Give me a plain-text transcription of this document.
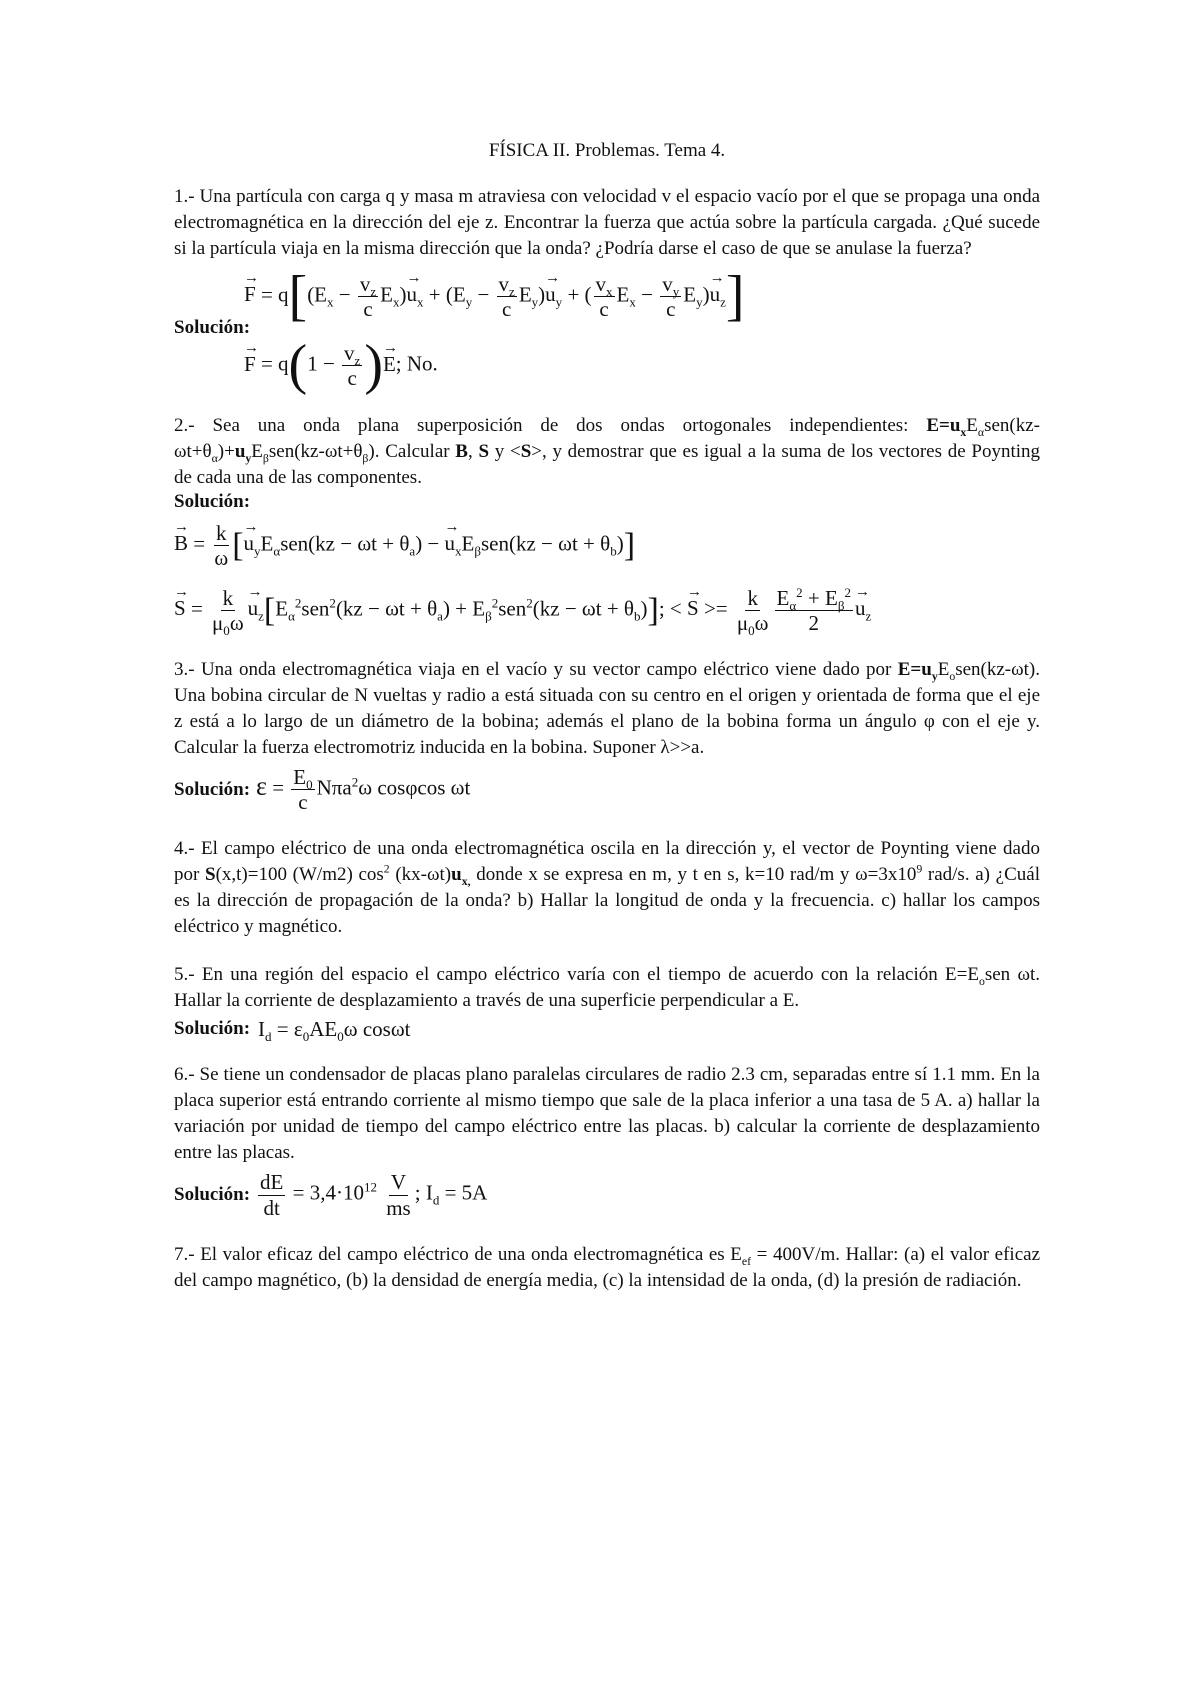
FÍSICA II. Problemas. Tema 4.
1.- Una partícula con carga q y masa m atraviesa con velocidad v el espacio vacío por el que se propaga una onda electromagnética en la dirección del eje z. Encontrar la fuerza que actúa sobre la partícula cargada. ¿Qué sucede si la partícula viaja en la misma dirección que la onda? ¿Podría darse el caso de que se anulase la fuerza?
→ $F = q[(E_x - \frac{v_z}{c} E_x)\to u_x + (E_y - \frac{v_z}{c} E_y)\to u_y$ + ( $\frac{v_x}{c} E_x - \frac{v_y}{c} E_y)\to u_z$]
Solución:
→ $F = q(1 - \frac{v_z}{c}$ )→ E; No.
2.- Sea una onda plana superposición de dos ondas ortogonales independientes: $E=u_xE_\alpha sen(kz-\omega t+\theta_\alpha)+u_yE_\beta sen(kz-\omega t+\theta_\beta)$. Calcular B, S y <S>, y demostrar que es igual a la suma de los vectores de Poynting de cada una de las componentes.
Solución:
→ $B = \frac{k}{\omega}$ [→ $u_yE_\alpha sen(kz - \omega t + \theta_a)$ − → $u_xE_\beta sen(kz - \omega t + \theta_b)$]
→ $S = \frac{k}{\mu_0\omega}$
→ $u_z[E_\alpha^2sen^2(kz - \omega t + \theta_a) + E_\beta^2sen^2(kz - \omega t + \theta_b)]$; < → $S >= \frac{k}{\mu_0\omega} \frac{E_\alpha^2 + E_\beta^2}{2}$
→ $u_z$
3.- Una onda electromagnética viaja en el vacío y su vector campo eléctrico viene dado por $E=u_yE_osen(kz-\omega t)$. Una bobina circular de N vueltas y radio a está situada con su centro en el origen y orientada de forma que el eje z está a lo largo de un diámetro de la bobina; además el plano de la bobina forma un ángulo φ con el eje y. Calcular la fuerza electromotriz inducida en la bobina. Suponer λ>>a.
Solución: $\varepsilon = \frac{E_0}{c} N\pi a^2\omega$ cosφcos ωt
4.- El campo eléctrico de una onda electromagnética oscila en la dirección y, el vector de Poynting viene dado por S(x,t)=100 (W/m2) $\cos^2 (kx-\omega t)u_{x,}$ donde x se expresa en m, y t en s, k=10 rad/m y $\omega=3x10^9$ rad/s. a) ¿Cuál es la dirección de propagación de la onda? b) Hallar la longitud de onda y la frecuencia. c) hallar los campos eléctrico y magnético.
5.- En una región del espacio el campo eléctrico varía con el tiempo de acuerdo con la relación $E=E_osen$ ωt. Hallar la corriente de desplazamiento a través de una superficie perpendicular a E.
Solución: $I_d = \varepsilon_0AE_0\omega$ cosωt
6.- Se tiene un condensador de placas plano paralelas circulares de radio 2.3 cm, separadas entre sí 1.1 mm. En la placa superior está entrando corriente al mismo tiempo que sale de la placa inferior a una tasa de 5 A. a) hallar la variación por unidad de tiempo del campo eléctrico entre las placas. b) calcular la corriente de desplazamiento entre las placas.
Solución: $\frac{dE}{dt} = 3,4\cdot 10^{12} \frac{V}{ms}$ ; $I_d = 5A$
7.- El valor eficaz del campo eléctrico de una onda electromagnética es $E_{ef} = 400V/m$. Hallar: (a) el valor eficaz del campo magnético, (b) la densidad de energía media, (c) la intensidad de la onda, (d) la presión de radiación.
